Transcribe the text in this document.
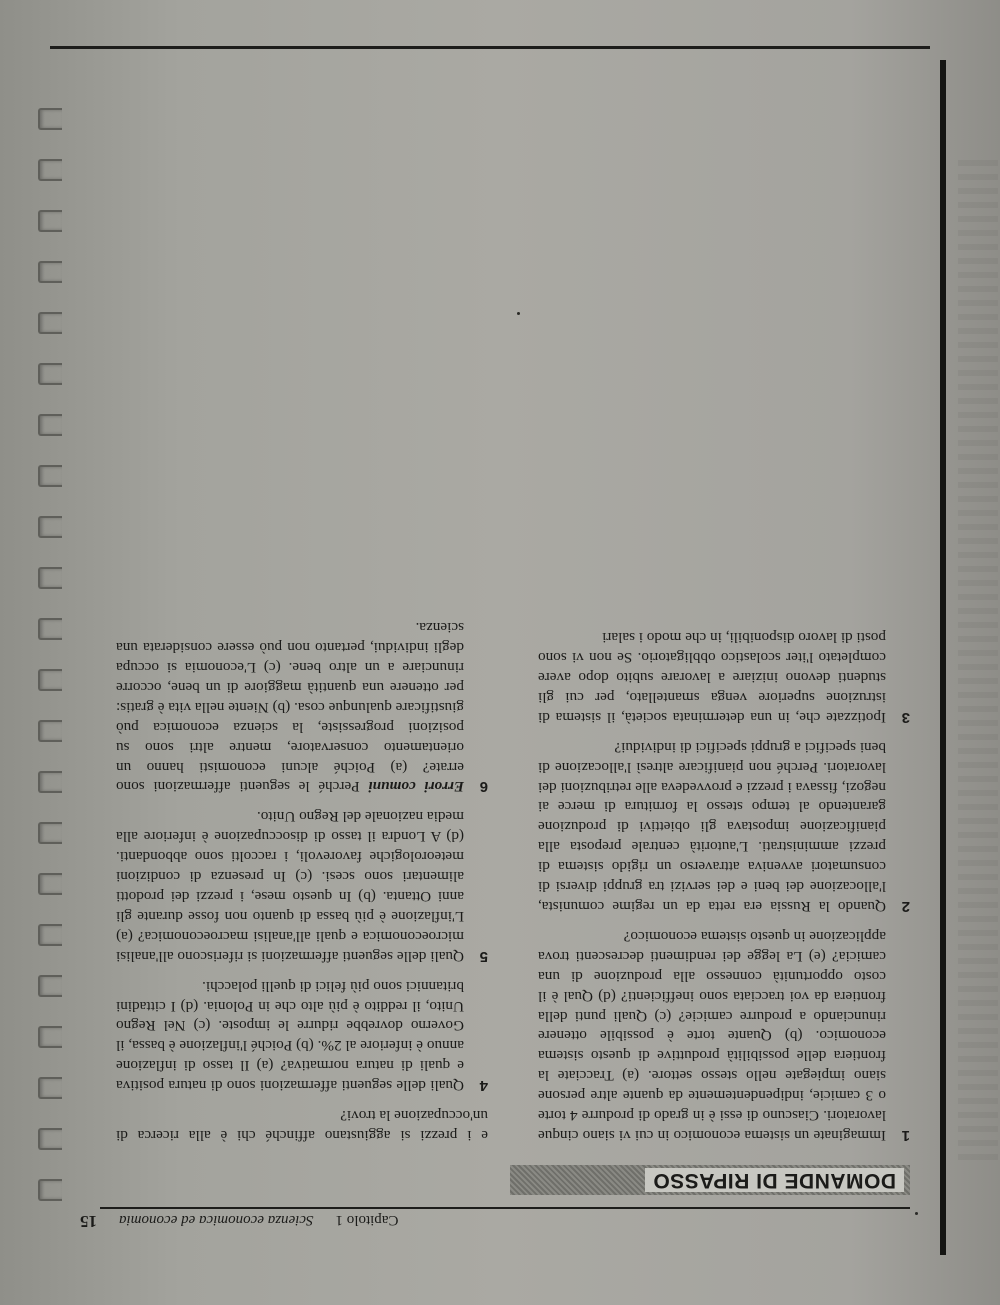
Capitolo 1
Scienza economica ed economia
15
DOMANDE DI RIPASSO
1
Immaginate un sistema economico in cui vi siano cinque lavoratori. Ciascuno di essi è in grado di produrre 4 torte o 3 camicie, indipendentemente da quante altre persone siano impiegate nello stesso settore. (a) Tracciate la frontiera delle possibilità produttive di questo sistema economico. (b) Quante torte è possibile ottenere rinunciando a produrre camicie? (c) Quali punti della frontiera da voi tracciata sono inefficienti? (d) Qual è il costo opportunità connesso alla produzione di una camicia? (e) La legge dei rendimenti decrescenti trova applicazione in questo sistema economico?
2
Quando la Russia era retta da un regime comunista, l'allocazione dei beni e dei servizi tra gruppi diversi di consumatori avveniva attraverso un rigido sistema di prezzi amministrati. L'autorità centrale preposta alla pianificazione impostava gli obiettivi di produzione garantendo al tempo stesso la fornitura di merce ai negozi, fissava i prezzi e provvedeva alle retribuzioni dei lavoratori. Perché non pianificare altresì l'allocazione di beni specifici a gruppi specifici di individui?
3
Ipotizzate che, in una determinata società, il sistema di istruzione superiore venga smantellato, per cui gli studenti devono iniziare a lavorare subito dopo avere completato l'iter scolastico obbligatorio. Se non vi sono posti di lavoro disponibili, in che modo i salari
e i prezzi si aggiustano affinché chi è alla ricerca di un'occupazione la trovi?
4
Quali delle seguenti affermazioni sono di natura positiva e quali di natura normativa? (a) Il tasso di inflazione annuo è inferiore al 2%. (b) Poiché l'inflazione è bassa, il Governo dovrebbe ridurre le imposte. (c) Nel Regno Unito, il reddito è più alto che in Polonia. (d) I cittadini britannici sono più felici di quelli polacchi.
5
Quali delle seguenti affermazioni si riferiscono all'analisi microeconomica e quali all'analisi macroeconomica? (a) L'inflazione è più bassa di quanto non fosse durante gli anni Ottanta. (b) In questo mese, i prezzi dei prodotti alimentari sono scesi. (c) In presenza di condizioni meteorologiche favorevoli, i raccolti sono abbondanti. (d) A Londra il tasso di disoccupazione è inferiore alla media nazionale del Regno Unito.
6
Errori comuni Perché le seguenti affermazioni sono errate? (a) Poiché alcuni economisti hanno un orientamento conservatore, mentre altri sono su posizioni progressiste, la scienza economica può giustificare qualunque cosa. (b) Niente nella vita è gratis: per ottenere una quantità maggiore di un bene, occorre rinunciare a un altro bene. (c) L'economia si occupa degli individui, pertanto non può essere considerata una scienza.
